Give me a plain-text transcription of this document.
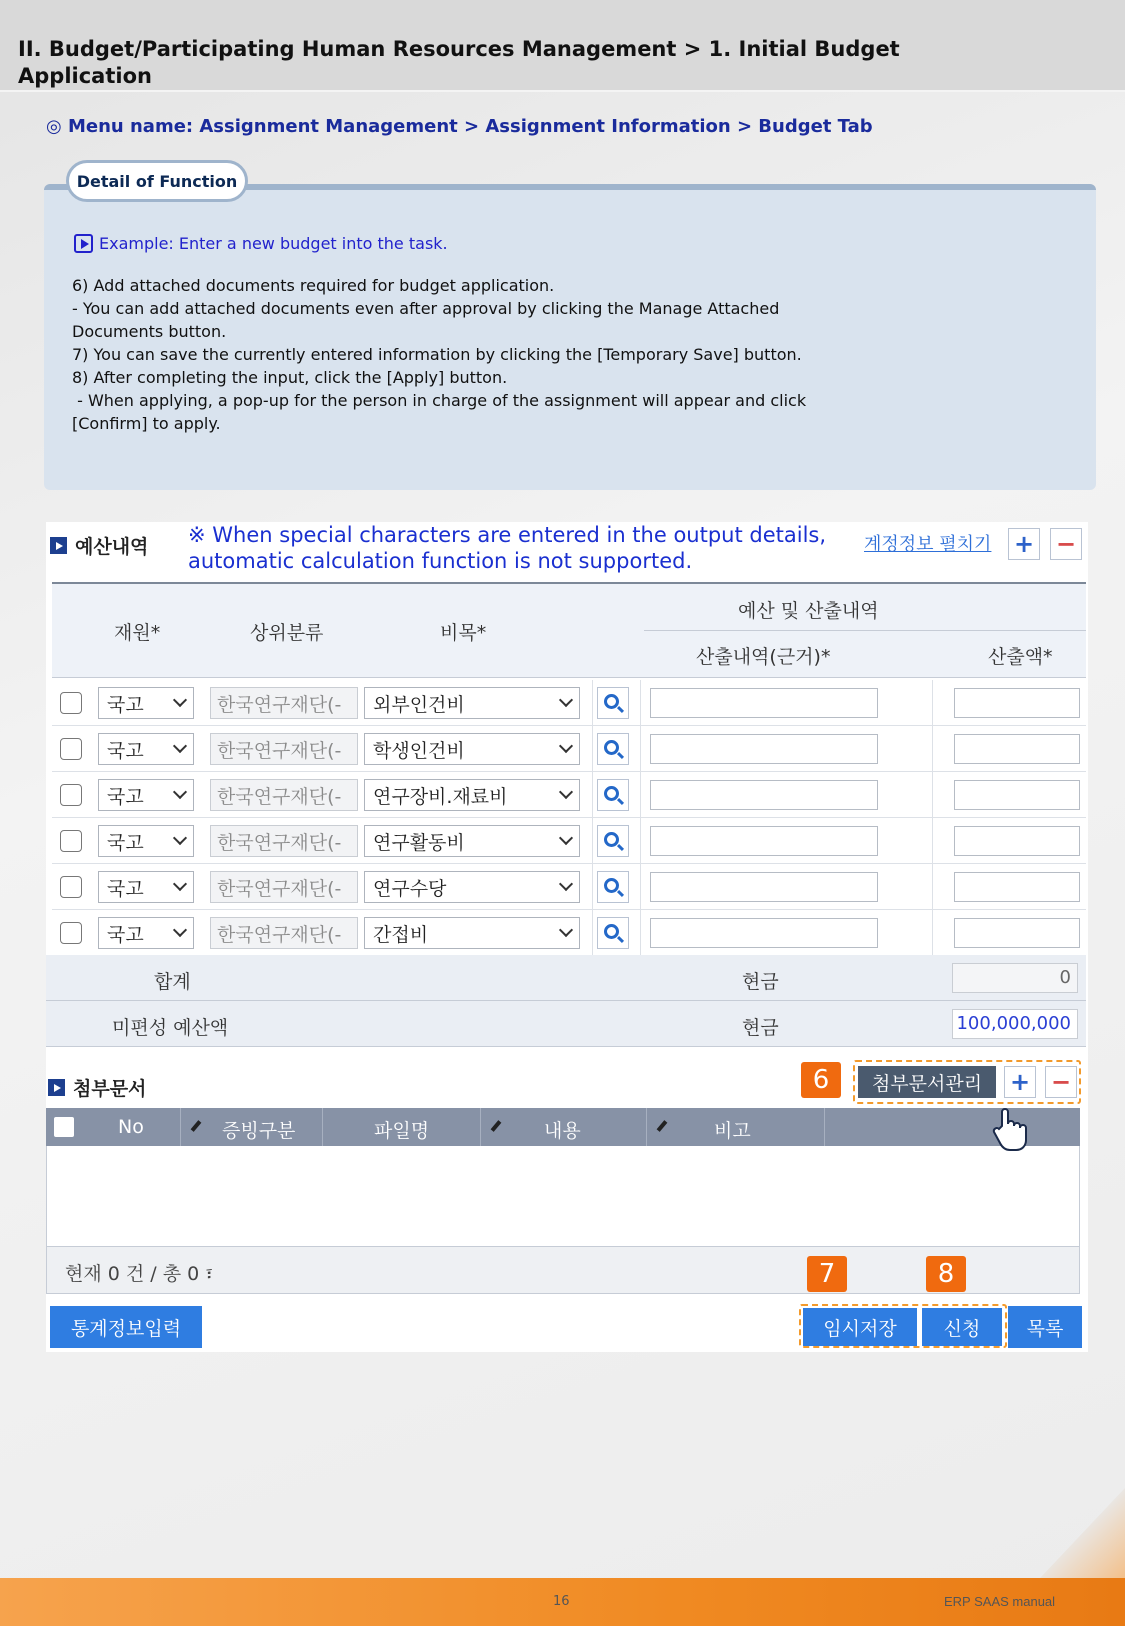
II. Budget/Participating Human Resources Management > 1. Initial Budget Application
◎ Menu name: Assignment Management > Assignment Information > Budget Tab
Detail of Function
Example: Enter a new budget into the task.
6) Add attached documents required for budget application.
- You can add attached documents even after approval by clicking the Manage Attached
Documents button.
7) You can save the currently entered information by clicking the [Temporary Save] button.
8) After completing the input, click the [Apply] button.
- When applying, a pop-up for the person in charge of the assignment will appear and click
[Confirm] to apply.
예산내역 ※ When special characters are entered in the output details, automatic calculation function is not supported.
계정정보 펼치기 + −
재원*	상위분류	비목*
예산 및 산출내역
산출내역(근거)*	산출액*
국고	한국연구재단(-	외부인건비
국고	한국연구재단(-	학생인건비
국고	한국연구재단(-	연구장비.재료비
국고	한국연구재단(-	연구활동비
국고	한국연구재단(-	연구수당
국고	한국연구재단(-	간접비
합계	현금	0
미편성 예산액	현금	100,000,000
첨부문서	6	첨부문서관리	+ −
No	증빙구분	파일명	내용	비고
현재 0 건 / 총 0 ፣	7	8
통계정보입력	임시저장	신청	목록
16	ERP SAAS manual
